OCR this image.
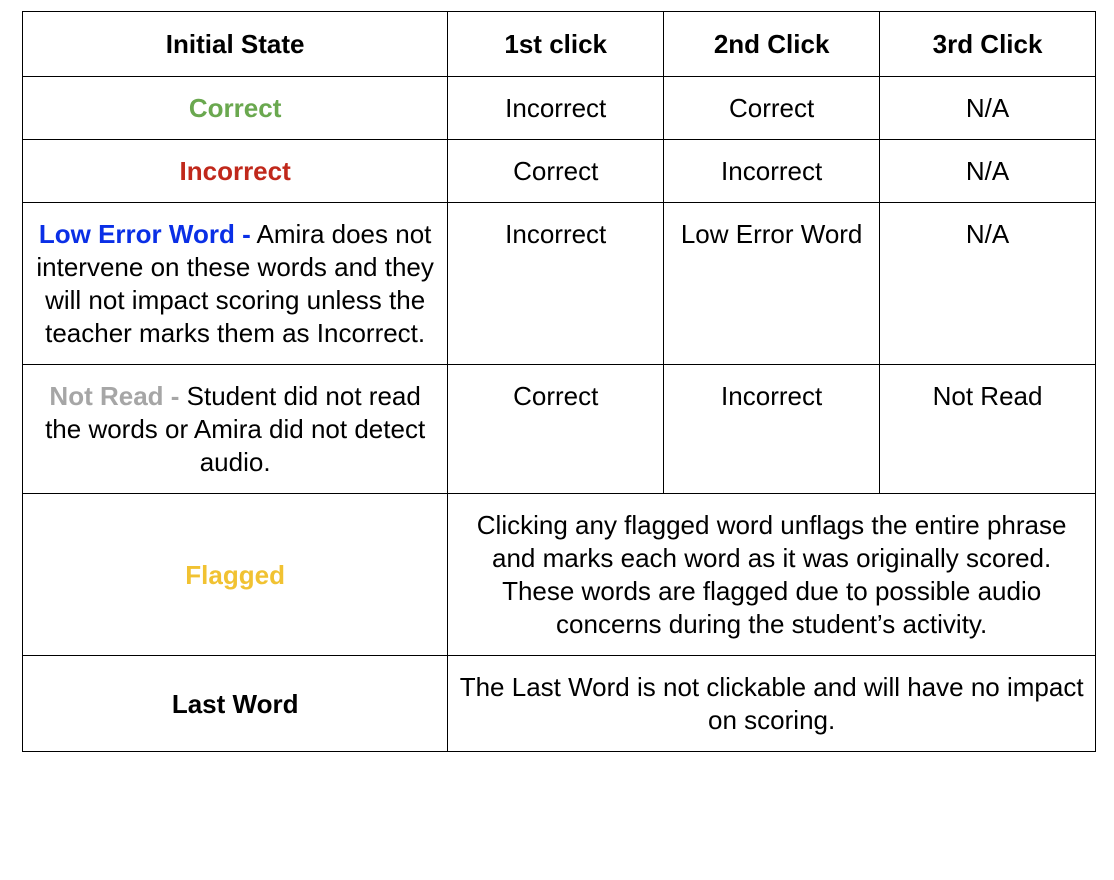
Initial State	1st click	2nd Click	3rd Click
Correct	Incorrect	Correct	N/A
Incorrect	Correct	Incorrect	N/A
Low Error Word - Amira does not intervene on these words and they will not impact scoring unless the teacher marks them as Incorrect.	Incorrect	Low Error Word	N/A
Not Read - Student did not read the words or Amira did not detect audio.	Correct	Incorrect	Not Read
Flagged	Clicking any flagged word unflags the entire phrase and marks each word as it was originally scored. These words are flagged due to possible audio concerns during the student’s activity.		
Last Word	The Last Word is not clickable and will have no impact on scoring.		
